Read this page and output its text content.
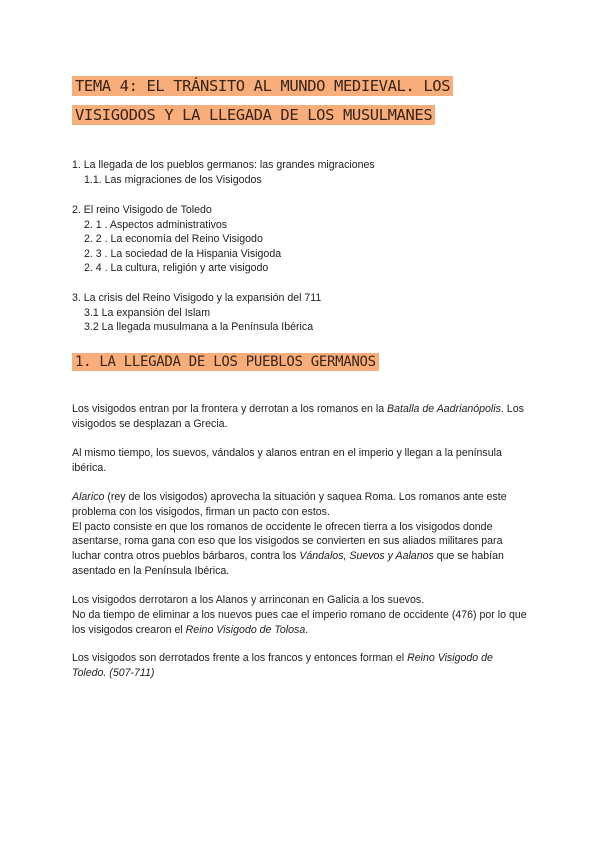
TEMA 4: EL TRÁNSITO AL MUNDO MEDIEVAL. LOS VISIGODOS Y LA LLEGADA DE LOS MUSULMANES
1. La llegada de los pueblos germanos: las grandes migraciones
1.1. Las migraciones de los Visigodos
2. El reino Visigodo de Toledo
2. 1 . Aspectos administrativos
2. 2 . La economía del Reino Visigodo
2. 3 . La sociedad de la Hispania Visigoda
2. 4 . La cultura, religión y arte visigodo
3. La crisis del Reino Visigodo y la expansión del 711
3.1 La expansión del Islam
3.2 La llegada musulmana a la Península Ibérica
1. LA LLEGADA DE LOS PUEBLOS GERMANOS
Los visigodos entran por la frontera y derrotan a los romanos en la Batalla de Aadrianópolis. Los visigodos se desplazan a Grecia.
Al mismo tiempo, los suevos, vándalos y alanos entran en el imperio y llegan a la península ibérica.
Alarico (rey de los visigodos) aprovecha la situación y saquea Roma. Los romanos ante este problema con los visigodos, firman un pacto con estos.
El pacto consiste en que los romanos de occidente le ofrecen tierra a los visigodos donde asentarse, roma gana con eso que los visigodos se convierten en sus aliados militares para luchar contra otros pueblos bárbaros, contra los Vándalos, Suevos y Aalanos que se habían asentado en la Península Ibérica.
Los visigodos derrotaron a los Alanos y arrinconan en Galicia a los suevos.
No da tiempo de eliminar a los nuevos pues cae el imperio romano de occidente (476) por lo que los visigodos crearon el Reino Visigodo de Tolosa.
Los visigodos son derrotados frente a los francos y entonces forman el Reino Visigodo de Toledo. (507-711)
